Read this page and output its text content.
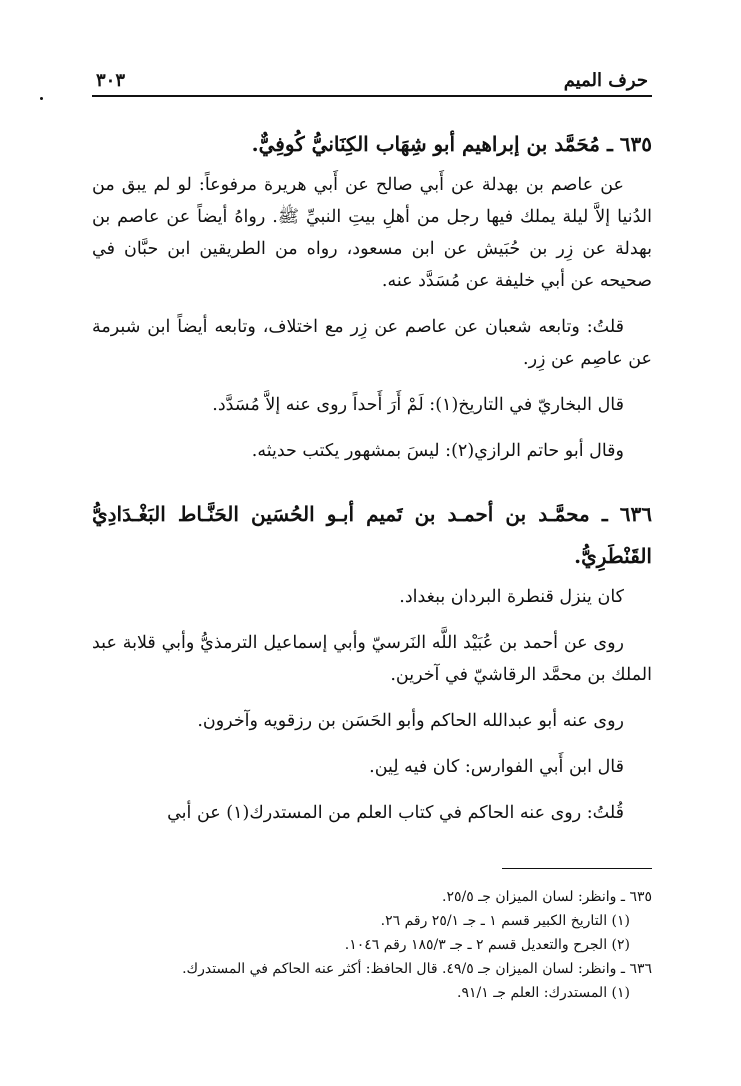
حرف الميم
٣٠٣
٦٣٥ ـ مُحَمَّد بن إبراهيم أبو شِهَاب الكِنَانيُّ كُوفِيٌّ.

عن عاصم بن بهدلة عن أَبي صالح عن أَبي هريرة مرفوعاً: لو لم يبق من الدُنيا إلاَّ ليلة يملك فيها رجل من أهلِ بيتِ النبيِّ ﷺ. رواهُ أيضاً عن عاصم بن بهدلة عن زِر بن حُبَيش عن ابن مسعود، رواه من الطريقين ابن حبَّان في صحيحه عن أبي خليفة عن مُسَدَّد عنه.

قلتُ: وتابعه شعبان عن عاصم عن زِر مع اختلاف، وتابعه أيضاً ابن شبرمة عن عاصِم عن زِر.

قال البخاريّ في التاريخ(١): لَمْ أَرَ أَحداً روى عنه إلاَّ مُسَدَّد.

وقال أبو حاتم الرازي(٢): ليسَ بمشهور يكتب حديثه.

٦٣٦ ـ محمَّـد بن أحمـد بن تَميم أبـو الحُسَين الحَنَّـاط البَغْـدَادِيُّ القَنْطَرِيُّ.

كان ينزل قنطرة البردان ببغداد.

روى عن أحمد بن عُبَيْد اللَّه النَرسيّ وأبي إسماعيل الترمذيُّ وأبي قلابة عبد الملك بن محمَّد الرقاشيّ في آخرين.

روى عنه أبو عبدالله الحاكم وأبو الحَسَن بن رزقويه وآخرون.

قال ابن أَبي الفوارس: كان فيه لِين.

قُلتُ: روى عنه الحاكم في كتاب العلم من المستدرك(١) عن أبي

٦٣٥ ـ وانظر: لسان الميزان جـ ٢٥/٥.
(١) التاريخ الكبير قسم ١ ـ جـ ٢٥/١ رقم ٢٦.
(٢) الجرح والتعديل قسم ٢ ـ جـ ١٨٥/٣ رقم ١٠٤٦.
٦٣٦ ـ وانظر: لسان الميزان جـ ٤٩/٥. قال الحافظ: أكثر عنه الحاكم في المستدرك.
(١) المستدرك: العلم جـ ٩١/١.
